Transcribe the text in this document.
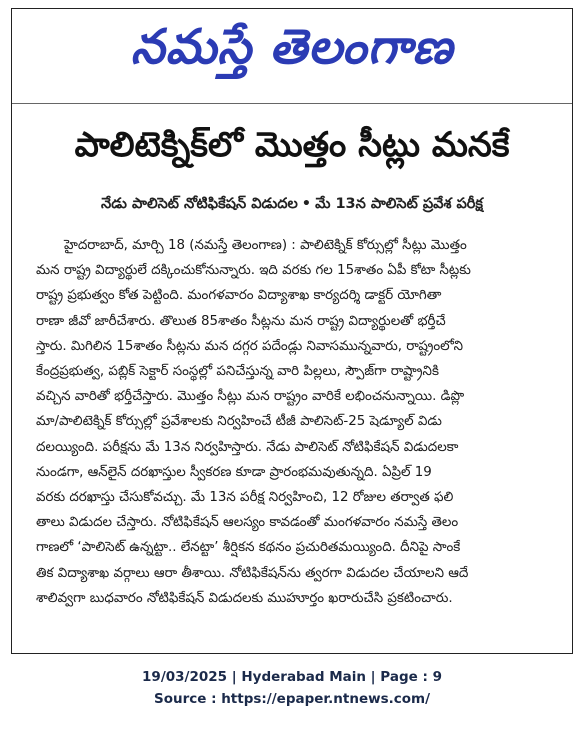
నమస్తే తెలంగాణ
పాలిటెక్నిక్‌లో మొత్తం సీట్లు మనకే
నేడు పాలిసెట్ నోటిఫికేషన్ విడుదల • మే 13న పాలిసెట్ ప్రవేశ పరీక్ష
హైదరాబాద్, మార్చి 18 (నమస్తే తెలంగాణ) : పాలిటెక్నిక్ కోర్సుల్లో సీట్లు మొత్తం
మన రాష్ట్ర విద్యార్థులే దక్కించుకోనున్నారు. ఇది వరకు గల 15శాతం ఏపీ కోటా సీట్లకు
రాష్ట్ర ప్రభుత్వం కోత పెట్టింది. మంగళవారం విద్యాశాఖ కార్యదర్శి డాక్టర్ యోగితా
రాణా జీవో జారీచేశారు. తొలుత 85శాతం సీట్లను మన రాష్ట్ర విద్యార్థులతో భర్తీచే
స్తారు. మిగిలిన 15శాతం సీట్లను మన దగ్గర పదేండ్లు నివాసమున్నవారు, రాష్ట్రంలోని
కేంద్రప్రభుత్వ, పబ్లిక్ సెక్టార్ సంస్థల్లో పనిచేస్తున్న వారి పిల్లలు, స్పౌజ్‌గా రాష్ట్రానికి
వచ్చిన వారితో భర్తీచేస్తారు. మొత్తం సీట్లు మన రాష్ట్రం వారికే లభించనున్నాయి. డిప్లొ
మా/పాలిటెక్నిక్ కోర్సుల్లో ప్రవేశాలకు నిర్వహించే టీజీ పాలిసెట్-25 షెడ్యూల్ విడు
దలయ్యింది. పరీక్షను మే 13న నిర్వహిస్తారు. నేడు పాలిసెట్ నోటిఫికేషన్ విడుదలకా
నుండగా, ఆన్‌లైన్ దరఖాస్తుల స్వీకరణ కూడా ప్రారంభమవుతున్నది. ఏప్రిల్ 19
వరకు దరఖాస్తు చేసుకోవచ్చు. మే 13న పరీక్ష నిర్వహించి, 12 రోజుల తర్వాత ఫలి
తాలు విడుదల చేస్తారు. నోటిఫికేషన్ ఆలస్యం కావడంతో మంగళవారం నమస్తే తెలం
గాణలో ‘పాలిసెట్ ఉన్నట్టా.. లేనట్టా’ శీర్షికన కథనం ప్రచురితమయ్యింది. దీనిపై సాంకే
తిక విద్యాశాఖ వర్గాలు ఆరా తీశాయి. నోటిఫికేషన్‌ను త్వరగా విడుదల చేయాలని ఆదే
శాలివ్వగా బుధవారం నోటిఫికేషన్ విడుదలకు ముహూర్తం ఖరారుచేసి ప్రకటించారు.
19/03/2025 | Hyderabad Main | Page : 9
Source : https://epaper.ntnews.com/
